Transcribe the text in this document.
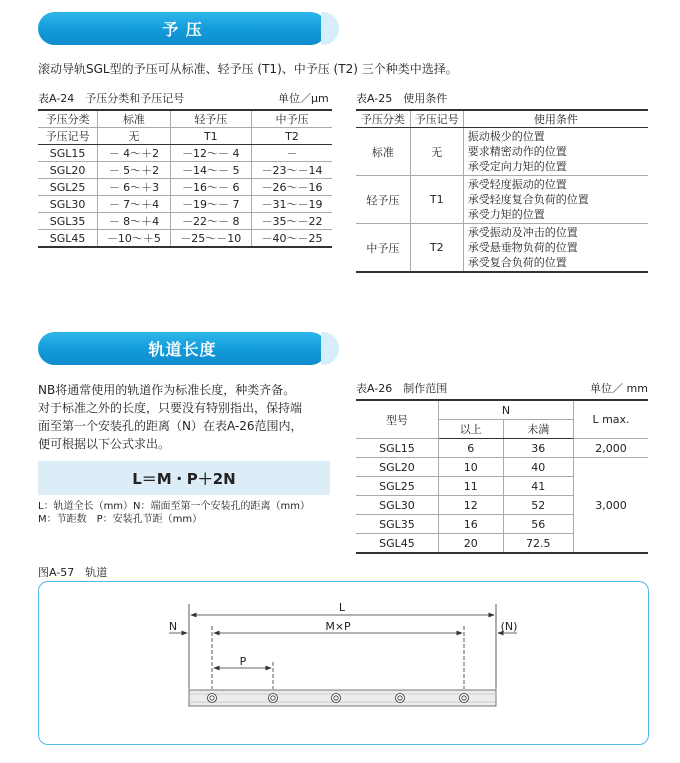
予 压
滚动导轨SGL型的予压可从标准、轻予压 (T1)、中予压 (T2) 三个种类中选择。
表A-24　予压分类和予压记号	单位／μm
予压分类	标准	轻予压	中予压
予压记号	无	T1	T2
SGL15	－ 4～＋2	－12～－ 4	－
SGL20	－ 5～＋2	－14～－ 5	－23～－14
SGL25	－ 6～＋3	－16～－ 6	－26～－16
SGL30	－ 7～＋4	－19～－ 7	－31～－19
SGL35	－ 8～＋4	－22～－ 8	－35～－22
SGL45	－10～＋5	－25～－10	－40～－25
表A-25　使用条件
予压分类	予压记号	使用条件
标准	无	振动极少的位置
要求精密动作的位置
承受定向力矩的位置

轻予压	T1	承受轻度振动的位置
承受轻度复合负荷的位置
承受力矩的位置

中予压	T2	承受振动及冲击的位置
承受悬垂物负荷的位置
承受复合负荷的位置
轨道长度
NB将通常使用的轨道作为标准长度，种类齐备。
对于标准之外的长度，只要没有特别指出，保持端
面至第一个安装孔的距离（N）在表A-26范围内，
便可根据以下公式求出。
L＝M・P＋2N
L：轨道全长（mm）N：端面至第一个安装孔的距离（mm）
M：节距数　P：安装孔节距（mm）
表A-26　制作范围	单位／ mm
型号	N		L max.
	以上	未满	
SGL15	6	36	2,000
SGL20	10	40	3,000
SGL25	11	41	
SGL30	12	52	
SGL35	16	56	
SGL45	20	72.5	
图A-57　轨道
L
M×P
N	(N)
P
